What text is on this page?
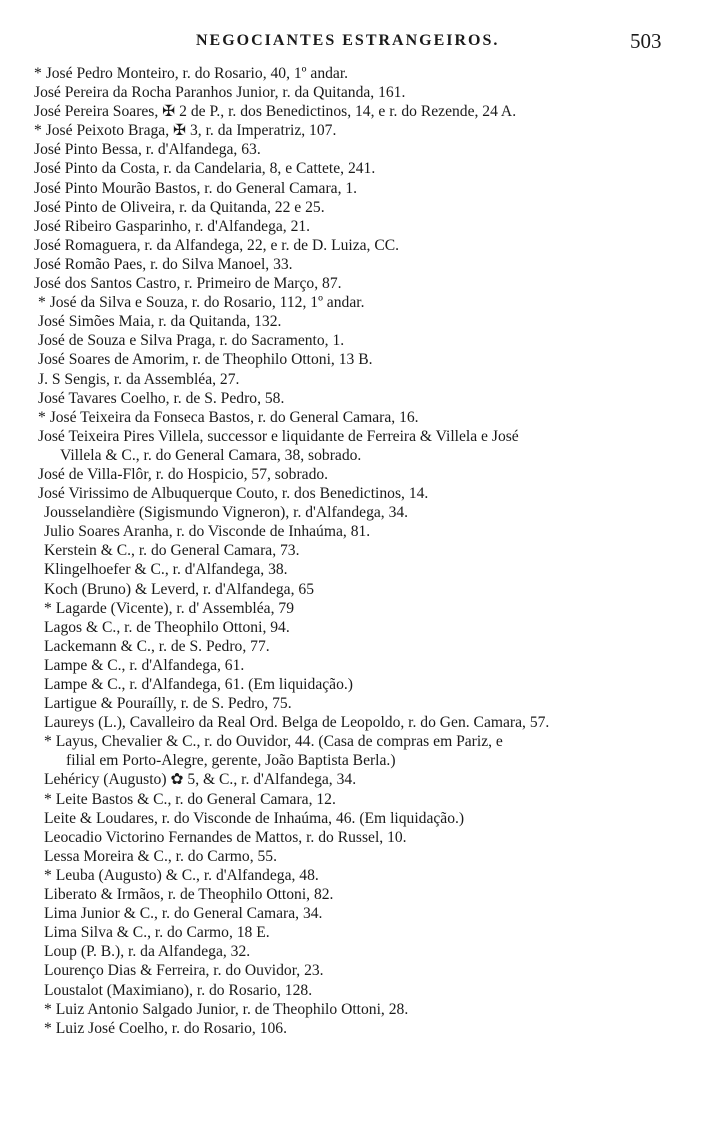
NEGOCIANTES ESTRANGEIROS.	503
* José Pedro Monteiro, r. do Rosario, 40, 1º andar.
José Pereira da Rocha Paranhos Junior, r. da Quitanda, 161.
José Pereira Soares, ✠ 2 de P., r. dos Benedictinos, 14, e r. do Rezende, 24 A.
* José Peixoto Braga, ✠ 3, r. da Imperatriz, 107.
José Pinto Bessa, r. d'Alfandega, 63.
José Pinto da Costa, r. da Candelaria, 8, e Cattete, 241.
José Pinto Mourão Bastos, r. do General Camara, 1.
José Pinto de Oliveira, r. da Quitanda, 22 e 25.
José Ribeiro Gasparinho, r. d'Alfandega, 21.
José Romaguera, r. da Alfandega, 22, e r. de D. Luiza, CC.
José Romão Paes, r. do Silva Manoel, 33.
José dos Santos Castro, r. Primeiro de Março, 87.
* José da Silva e Souza, r. do Rosario, 112, 1º andar.
José Simões Maia, r. da Quitanda, 132.
José de Souza e Silva Praga, r. do Sacramento, 1.
José Soares de Amorim, r. de Theophilo Ottoni, 13 B.
J. S Sengis, r. da Assembléa, 27.
José Tavares Coelho, r. de S. Pedro, 58.
* José Teixeira da Fonseca Bastos, r. do General Camara, 16.
José Teixeira Pires Villela, successor e liquidante de Ferreira & Villela e José
Villela & C., r. do General Camara, 38, sobrado.
José de Villa-Flôr, r. do Hospicio, 57, sobrado.
José Virissimo de Albuquerque Couto, r. dos Benedictinos, 14.
Jousselandière (Sigismundo Vigneron), r. d'Alfandega, 34.
Julio Soares Aranha, r. do Visconde de Inhaúma, 81.
Kerstein & C., r. do General Camara, 73.
Klingelhoefer & C., r. d'Alfandega, 38.
Koch (Bruno) & Leverd, r. d'Alfandega, 65
* Lagarde (Vicente), r. d' Assembléa, 79
Lagos & C., r. de Theophilo Ottoni, 94.
Lackemann & C., r. de S. Pedro, 77.
Lampe & C., r. d'Alfandega, 61.
Lampe & C., r. d'Alfandega, 61. (Em liquidação.)
Lartigue & Pouraílly, r. de S. Pedro, 75.
Laureys (L.), Cavalleiro da Real Ord. Belga de Leopoldo, r. do Gen. Camara, 57.
* Layus, Chevalier & C., r. do Ouvidor, 44. (Casa de compras em Pariz, e
filial em Porto-Alegre, gerente, João Baptista Berla.)
Lehéricy (Augusto) ✿ 5, & C., r. d'Alfandega, 34.
* Leite Bastos & C., r. do General Camara, 12.
Leite & Loudares, r. do Visconde de Inhaúma, 46. (Em liquidação.)
Leocadio Victorino Fernandes de Mattos, r. do Russel, 10.
Lessa Moreira & C., r. do Carmo, 55.
* Leuba (Augusto) & C., r. d'Alfandega, 48.
Liberato & Irmãos, r. de Theophilo Ottoni, 82.
Lima Junior & C., r. do General Camara, 34.
Lima Silva & C., r. do Carmo, 18 E.
Loup (P. B.), r. da Alfandega, 32.
Lourenço Dias & Ferreira, r. do Ouvidor, 23.
Loustalot (Maximiano), r. do Rosario, 128.
* Luiz Antonio Salgado Junior, r. de Theophilo Ottoni, 28.
* Luiz José Coelho, r. do Rosario, 106.
